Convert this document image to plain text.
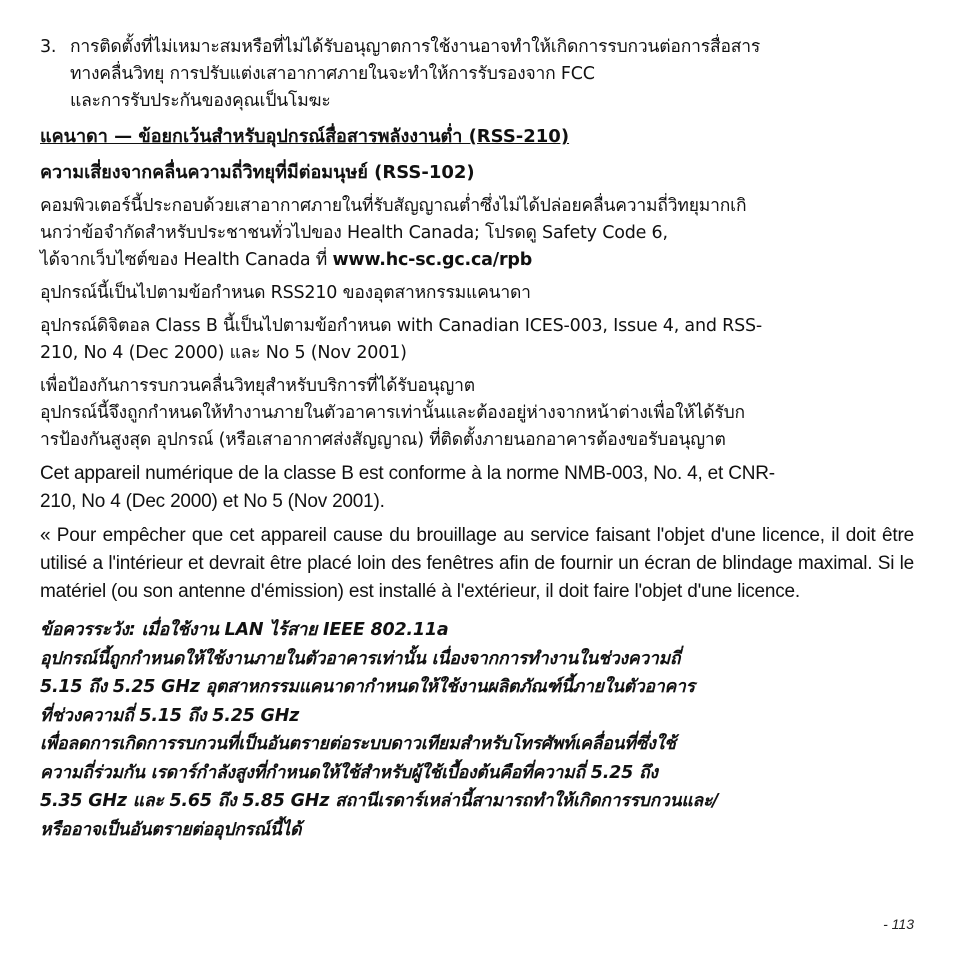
3. การติดตั้งที่ไม่เหมาะสมหรือที่ไม่ได้รับอนุญาตการใช้งานอาจทำให้เกิดการรบกวนต่อการสื่อสาร
ทางคลื่นวิทยุ การปรับแต่งเสาอากาศภายในจะทำให้การรับรองจาก FCC
และการรับประกันของคุณเป็นโมฆะ
แคนาดา — ข้อยกเว้นสำหรับอุปกรณ์สื่อสารพลังงานต่ำ (RSS-210)
ความเสี่ยงจากคลื่นความถี่วิทยุที่มีต่อมนุษย์ (RSS-102)
คอมพิวเตอร์นี้ประกอบด้วยเสาอากาศภายในที่รับสัญญาณต่ำซึ่งไม่ได้ปล่อยคลื่นความถี่วิทยุมากเกิ
นกว่าข้อจำกัดสำหรับประชาชนทั่วไปของ Health Canada; โปรดดู Safety Code 6,
ได้จากเว็บไซต์ของ Health Canada ที่ www.hc-sc.gc.ca/rpb
อุปกรณ์นี้เป็นไปตามข้อกำหนด RSS210 ของอุตสาหกรรมแคนาดา
อุปกรณ์ดิจิตอล Class B นี้เป็นไปตามข้อกำหนด with Canadian ICES-003, Issue 4, and RSS-
210, No 4 (Dec 2000) และ No 5 (Nov 2001)
เพื่อป้องกันการรบกวนคลื่นวิทยุสำหรับบริการที่ได้รับอนุญาต
อุปกรณ์นี้จึงถูกกำหนดให้ทำงานภายในตัวอาคารเท่านั้นและต้องอยู่ห่างจากหน้าต่างเพื่อให้ได้รับก
ารป้องกันสูงสุด อุปกรณ์ (หรือเสาอากาศส่งสัญญาณ) ที่ติดตั้งภายนอกอาคารต้องขอรับอนุญาต
Cet appareil numérique de la classe B est conforme à la norme NMB-003, No. 4, et CNR-
210, No 4 (Dec 2000) et No 5 (Nov 2001).
« Pour empêcher que cet appareil cause du brouillage au service faisant l'objet d'une licence, il doit être utilisé a l'intérieur et devrait être placé loin des fenêtres afin de fournir un écran de blindage maximal. Si le matériel (ou son antenne d'émission) est installé à l'extérieur, il doit faire l'objet d'une licence.
ข้อควรระวัง: เมื่อใช้งาน LAN ไร้สาย IEEE 802.11a
อุปกรณ์นี้ถูกกำหนดให้ใช้งานภายในตัวอาคารเท่านั้น เนื่องจากการทำงานในช่วงความถี่
5.15 ถึง 5.25 GHz อุตสาหกรรมแคนาดากำหนดให้ใช้งานผลิตภัณฑ์นี้ภายในตัวอาคาร
ที่ช่วงความถี่ 5.15 ถึง 5.25 GHz
เพื่อลดการเกิดการรบกวนที่เป็นอันตรายต่อระบบดาวเทียมสำหรับโทรศัพท์เคลื่อนที่ซึ่งใช้
ความถี่ร่วมกัน เรดาร์กำลังสูงที่กำหนดให้ใช้สำหรับผู้ใช้เบื้องต้นคือที่ความถี่ 5.25 ถึง
5.35 GHz และ 5.65 ถึง 5.85 GHz สถานีเรดาร์เหล่านี้สามารถทำให้เกิดการรบกวนและ/
หรืออาจเป็นอันตรายต่ออุปกรณ์นี้ได้
- 113
